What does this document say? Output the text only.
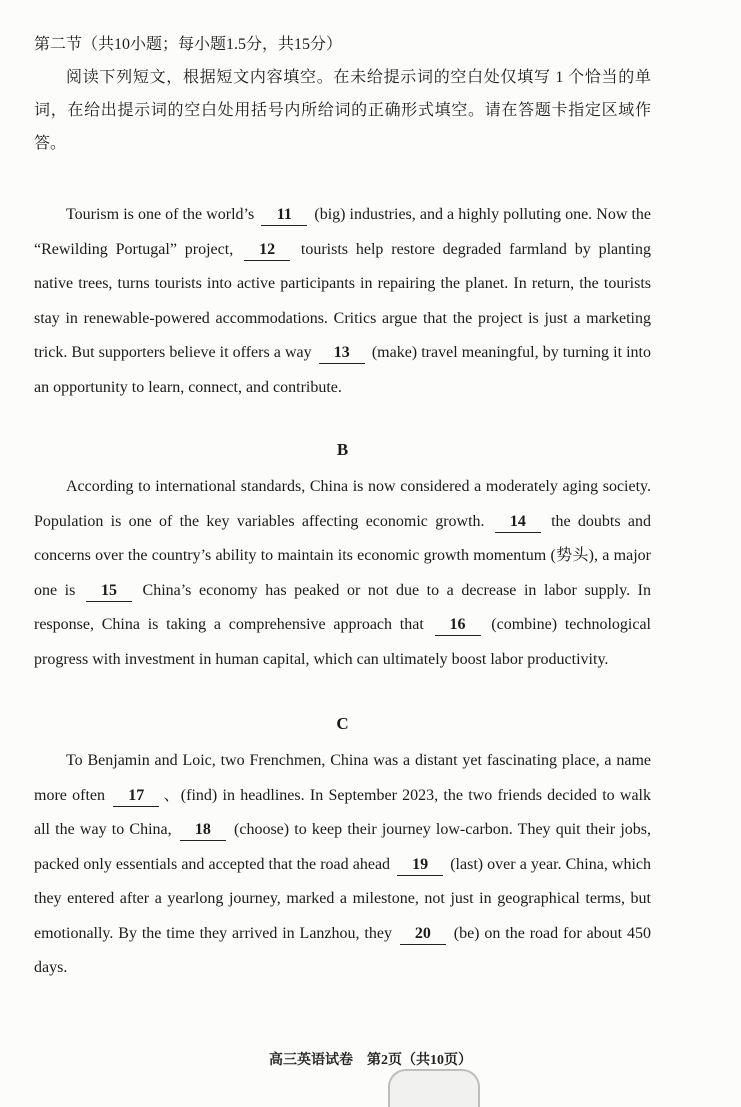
第二节（共10小题；每小题1.5分，共15分）

阅读下列短文，根据短文内容填空。在未给提示词的空白处仅填写 1 个恰当的单词，在给出提示词的空白处用括号内所给词的正确形式填空。请在答题卡指定区域作答。

Tourism is one of the world’s 11 (big) industries, and a highly polluting one. Now the “Rewilding Portugal” project, 12 tourists help restore degraded farmland by planting native trees, turns tourists into active participants in repairing the planet. In return, the tourists stay in renewable-powered accommodations. Critics argue that the project is just a marketing trick. But supporters believe it offers a way 13 (make) travel meaningful, by turning it into an opportunity to learn, connect, and contribute.

B

According to international standards, China is now considered a moderately aging society. Population is one of the key variables affecting economic growth. 14 the doubts and concerns over the country’s ability to maintain its economic growth momentum (势头), a major one is 15 China’s economy has peaked or not due to a decrease in labor supply. In response, China is taking a comprehensive approach that 16 (combine) technological progress with investment in human capital, which can ultimately boost labor productivity.

C

To Benjamin and Loic, two Frenchmen, China was a distant yet fascinating place, a name more often 17 、(find) in headlines. In September 2023, the two friends decided to walk all the way to China, 18 (choose) to keep their journey low-carbon. They quit their jobs, packed only essentials and accepted that the road ahead 19 (last) over a year. China, which they entered after a yearlong journey, marked a milestone, not just in geographical terms, but emotionally. By the time they arrived in Lanzhou, they 20 (be) on the road for about 450 days.

高三英语试卷　第2页（共10页）
